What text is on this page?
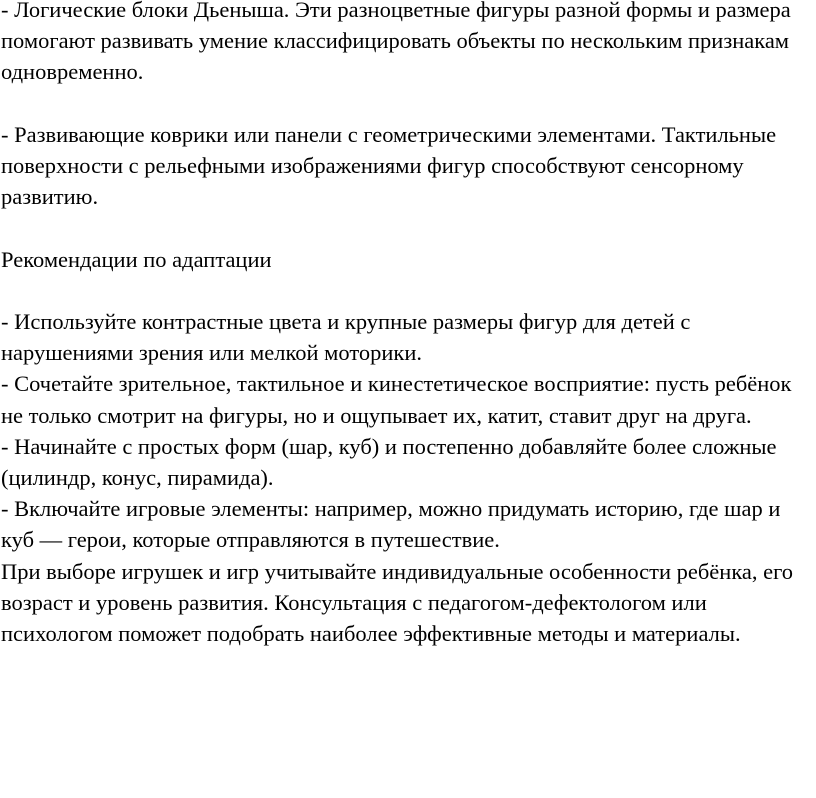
- Логические блоки Дьеныша. Эти разноцветные фигуры разной формы и размера помогают развивать умение классифицировать объекты по нескольким признакам одновременно.

- Развивающие коврики или панели с геометрическими элементами. Тактильные поверхности с рельефными изображениями фигур способствуют сенсорному развитию.

Рекомендации по адаптации

- Используйте контрастные цвета и крупные размеры фигур для детей с нарушениями зрения или мелкой моторики.

- Сочетайте зрительное, тактильное и кинестетическое восприятие: пусть ребёнок не только смотрит на фигуры, но и ощупывает их, катит, ставит друг на друга.

- Начинайте с простых форм (шар, куб) и постепенно добавляйте более сложные (цилиндр, конус, пирамида).

- Включайте игровые элементы: например, можно придумать историю, где шар и куб — герои, которые отправляются в путешествие.

При выборе игрушек и игр учитывайте индивидуальные особенности ребёнка, его возраст и уровень развития. Консультация с педагогом-дефектологом или психологом поможет подобрать наиболее эффективные методы и материалы.
